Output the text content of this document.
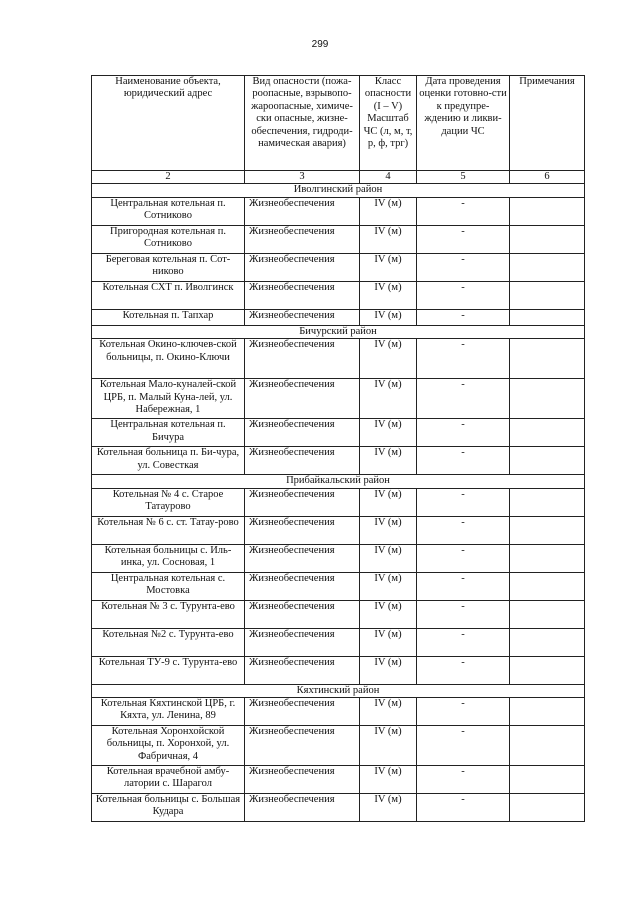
299
Наименование объекта, юридический адрес	Вид опасности (пожа-роопасные, взрывопо-жароопасные, химиче-ски опасные, жизне-обеспечения, гидроди-намическая авария)	Класс опасности (I – V) Масштаб ЧС (л, м, т, р, ф, трг)	Дата проведения оценки готовно-сти к предупре-ждению и ликви-дации ЧС	Примечания
2	3	4	5	6
Иволгинский район				
Центральная котельная п. Сотниково	Жизнеобеспечения	IV (м)	-	
Пригородная котельная п. Сотниково	Жизнеобеспечения	IV (м)	-	
Береговая котельная п. Сот-никово	Жизнеобеспечения	IV (м)	-	
Котельная СХТ п. Иволгинск	Жизнеобеспечения	IV (м)	-	
Котельная п. Тапхар	Жизнеобеспечения	IV (м)	-	
Бичурский район				
Котельная Окино-ключев-ской больницы, п. Окино-Ключи	Жизнеобеспечения	IV (м)	-	
Котельная Мало-куналей-ской ЦРБ, п. Малый Куна-лей, ул. Набережная, 1	Жизнеобеспечения	IV (м)	-	
Центральная котельная п. Бичура	Жизнеобеспечения	IV (м)	-	
Котельная больница п. Би-чура, ул. Совесткая	Жизнеобеспечения	IV (м)	-	
Прибайкальский район				
Котельная № 4 с. Старое Татаурово	Жизнеобеспечения	IV (м)	-	
Котельная № 6 с. ст. Татау-рово	Жизнеобеспечения	IV (м)	-	
Котельная больницы с. Иль-инка, ул. Сосновая, 1	Жизнеобеспечения	IV (м)	-	
Центральная котельная с. Мостовка	Жизнеобеспечения	IV (м)	-	
Котельная № 3 с. Турунта-ево	Жизнеобеспечения	IV (м)	-	
Котельная №2 с. Турунта-ево	Жизнеобеспечения	IV (м)	-	
Котельная ТУ-9 с. Турунта-ево	Жизнеобеспечения	IV (м)	-	
Кяхтинский район				
Котельная Кяхтинской ЦРБ, г. Кяхта, ул. Ленина, 89	Жизнеобеспечения	IV (м)	-	
Котельная Хоронхойской больницы, п. Хоронхой, ул. Фабричная, 4	Жизнеобеспечения	IV (м)	-	
Котельная врачебной амбу-латории с. Шарагол	Жизнеобеспечения	IV (м)	-	
Котельная больницы с. Большая Кудара	Жизнеобеспечения	IV (м)	-	
